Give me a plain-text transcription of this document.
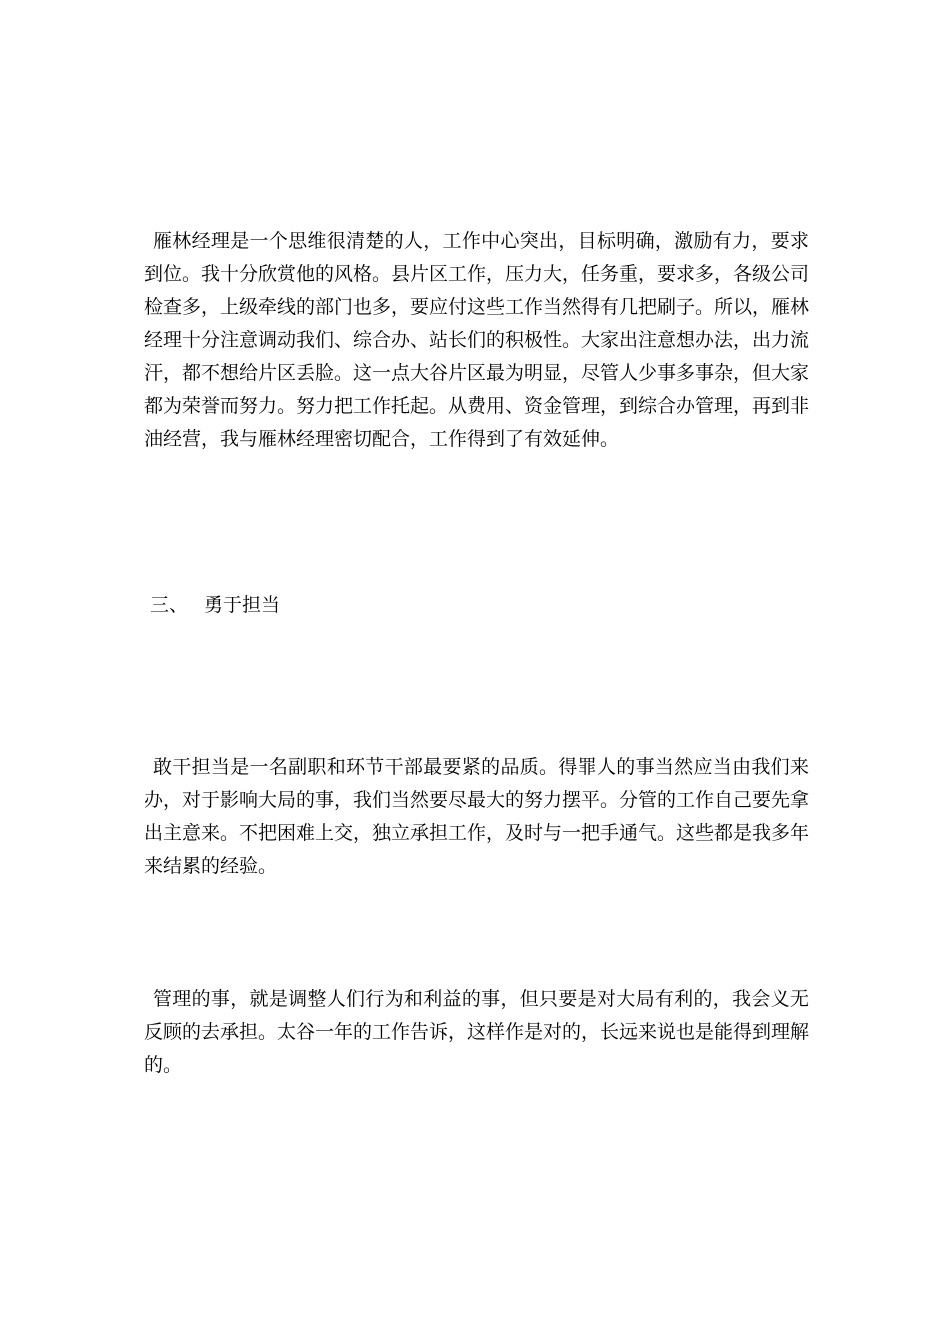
雁林经理是一个思维很清楚的人，工作中心突出，目标明确，激励有力，要求到位。我十分欣赏他的风格。县片区工作，压力大，任务重，要求多，各级公司检查多，上级牵线的部门也多，要应付这些工作当然得有几把刷子。所以，雁林经理十分注意调动我们、综合办、站长们的积极性。大家出注意想办法，出力流汗，都不想给片区丢脸。这一点大谷片区最为明显，尽管人少事多事杂，但大家都为荣誉而努力。努力把工作托起。从费用、资金管理，到综合办管理，再到非油经营，我与雁林经理密切配合，工作得到了有效延伸。

三、 勇于担当

敢干担当是一名副职和环节干部最要紧的品质。得罪人的事当然应当由我们来办，对于影响大局的事，我们当然要尽最大的努力摆平。分管的工作自己要先拿出主意来。不把困难上交，独立承担工作，及时与一把手通气。这些都是我多年来结累的经验。

管理的事，就是调整人们行为和利益的事，但只要是对大局有利的，我会义无反顾的去承担。太谷一年的工作告诉，这样作是对的，长远来说也是能得到理解的。
